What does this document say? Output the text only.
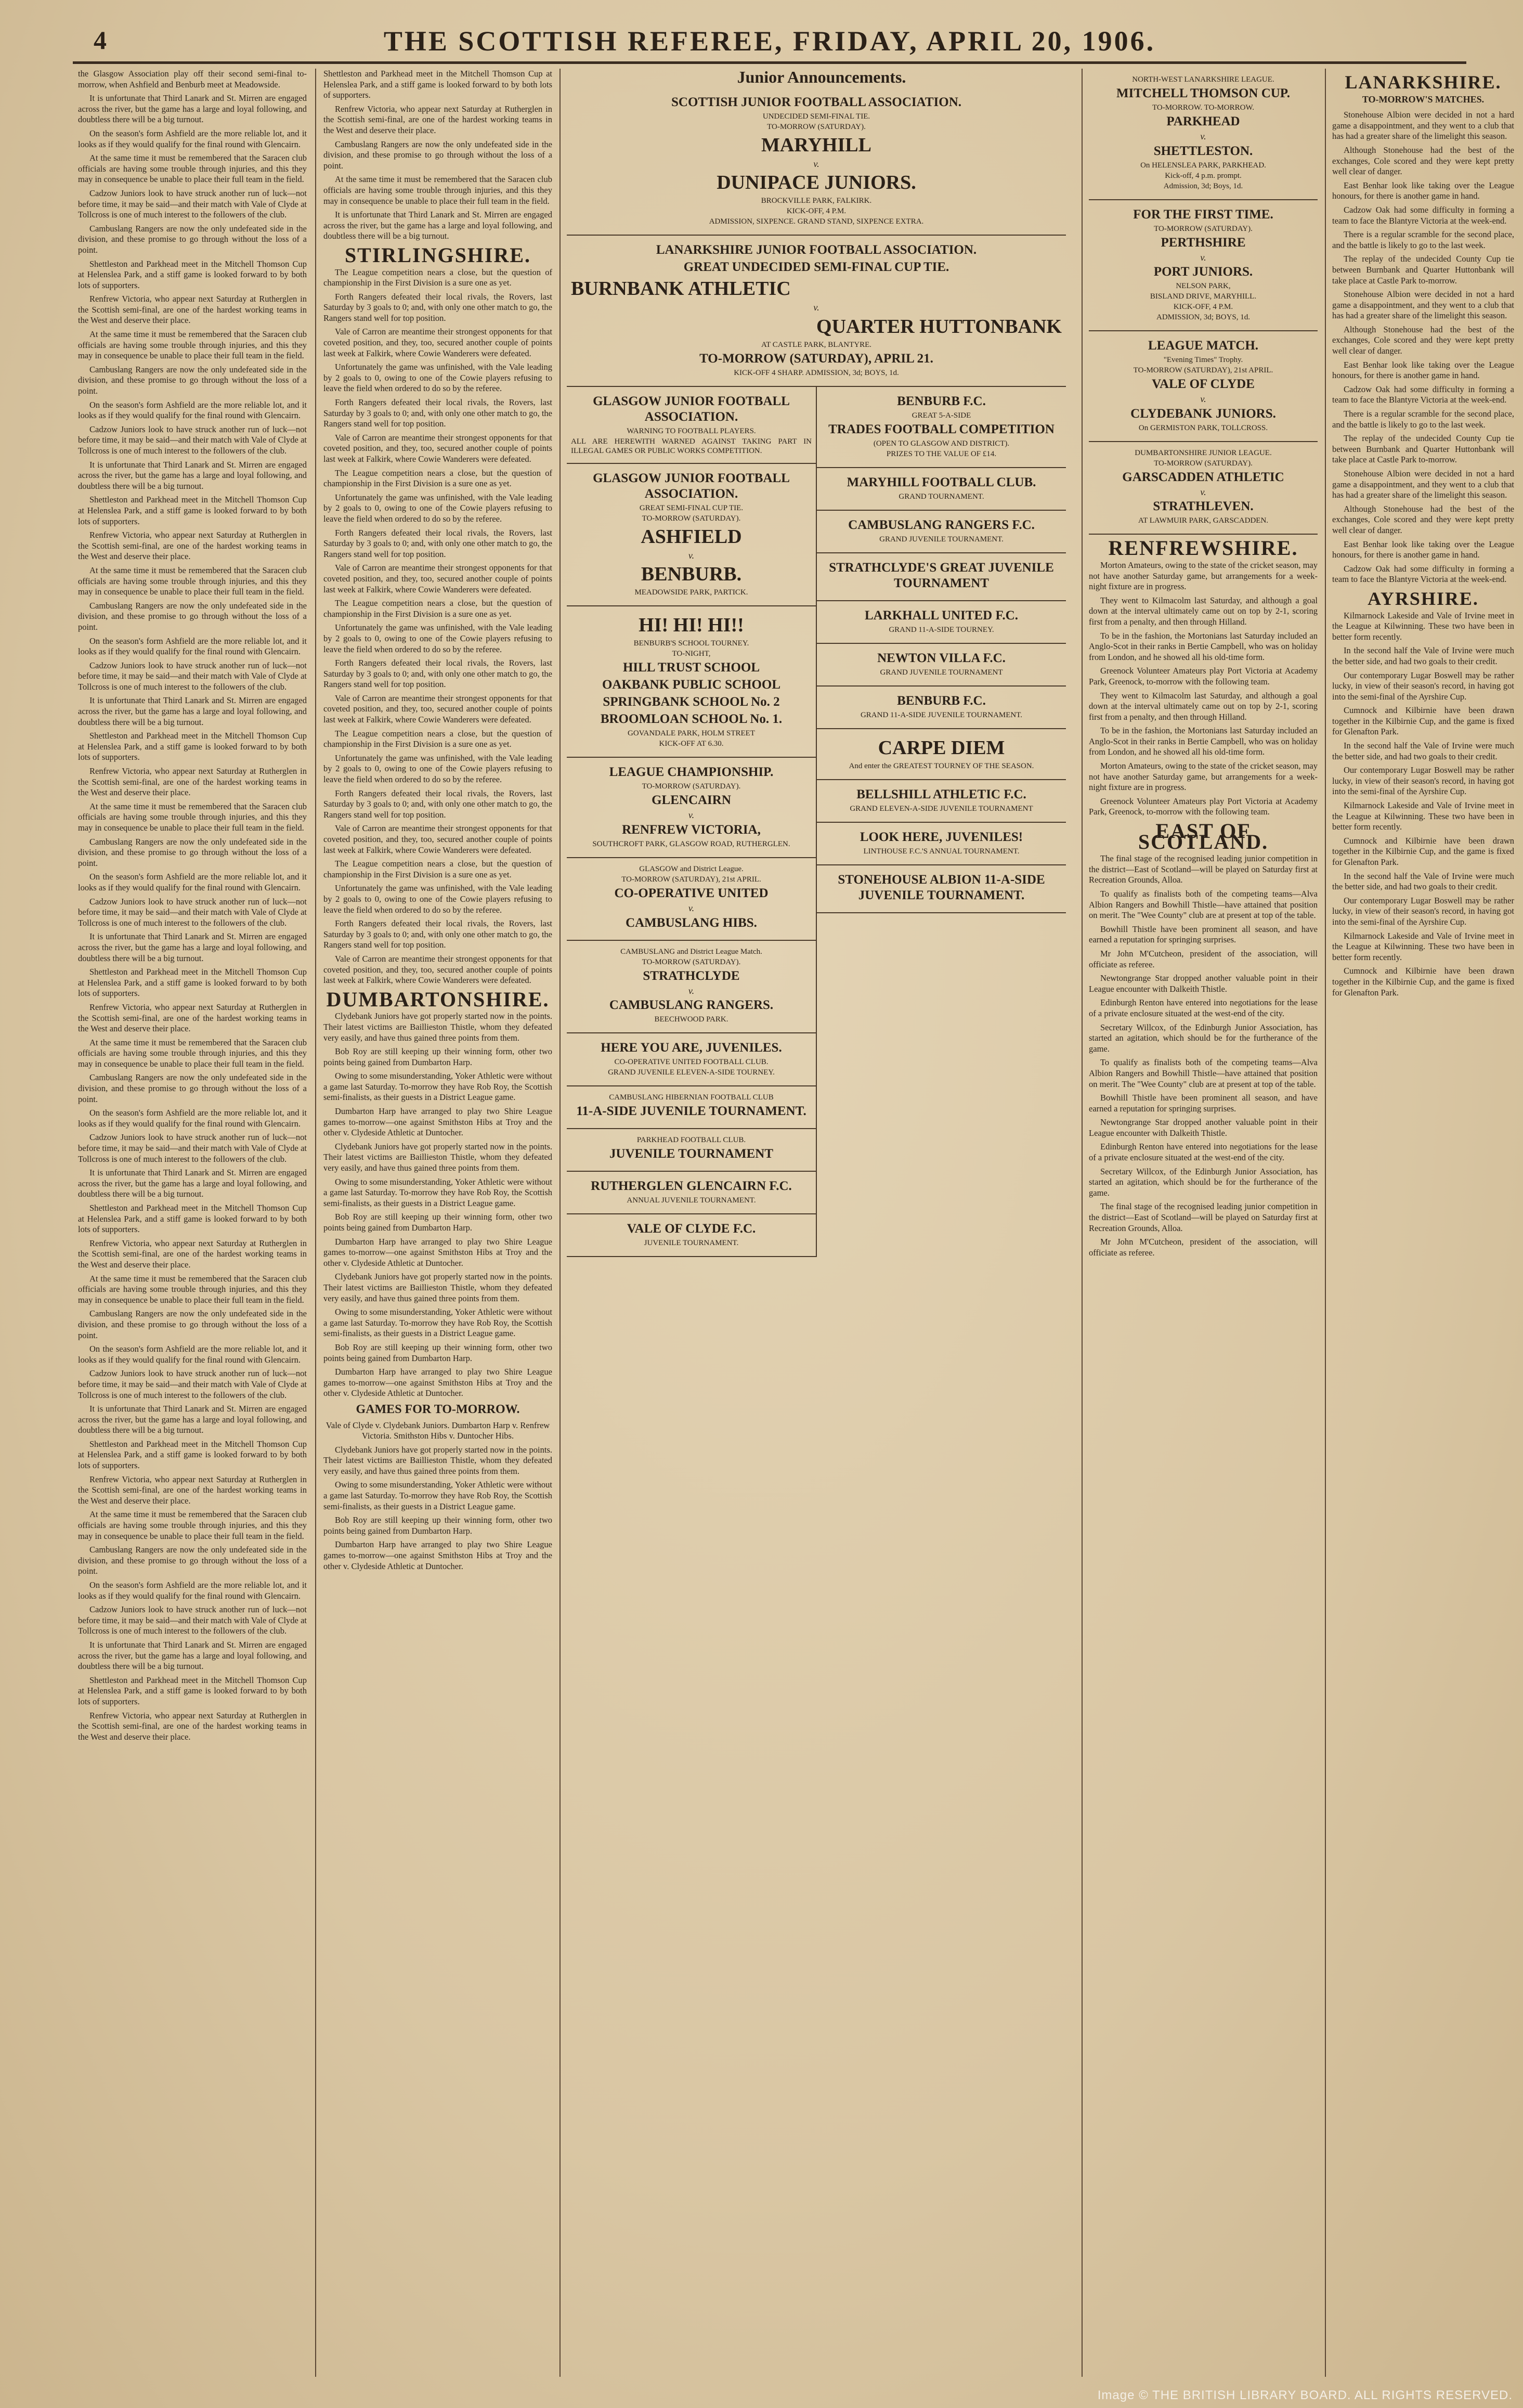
4	THE SCOTTISH REFEREE, FRIDAY, APRIL 20, 1906.

the Glasgow Association play off their second semi-final to-morrow, when Ashfield and Benburb meet at Meadowside.

It is unfortunate that Third Lanark and St. Mirren are engaged across the river, but the game has a large and loyal following, and doubtless there will be a big turnout.

On the season's form Ashfield are the more reliable lot, and it looks as if they would qualify for the final round with Glencairn.

At the same time it must be remembered that the Saracen club officials are having some trouble through injuries, and this they may in consequence be unable to place their full team in the field.

Cadzow Juniors look to have struck another run of luck—not before time, it may be said—and their match with Vale of Clyde at Tollcross is one of much interest to the followers of the club.

Cambuslang Rangers are now the only undefeated side in the division, and these promise to go through without the loss of a point.

Shettleston and Parkhead meet in the Mitchell Thomson Cup at Helenslea Park, and a stiff game is looked forward to by both lots of supporters.

Renfrew Victoria, who appear next Saturday at Rutherglen in the Scottish semi-final, are one of the hardest working teams in the West and deserve their place.

At the same time it must be remembered that the Saracen club officials are having some trouble through injuries, and this they may in consequence be unable to place their full team in the field.

Cambuslang Rangers are now the only undefeated side in the division, and these promise to go through without the loss of a point.

On the season's form Ashfield are the more reliable lot, and it looks as if they would qualify for the final round with Glencairn.

Cadzow Juniors look to have struck another run of luck—not before time, it may be said—and their match with Vale of Clyde at Tollcross is one of much interest to the followers of the club.

It is unfortunate that Third Lanark and St. Mirren are engaged across the river, but the game has a large and loyal following, and doubtless there will be a big turnout.

Shettleston and Parkhead meet in the Mitchell Thomson Cup at Helenslea Park, and a stiff game is looked forward to by both lots of supporters.

Renfrew Victoria, who appear next Saturday at Rutherglen in the Scottish semi-final, are one of the hardest working teams in the West and deserve their place.

At the same time it must be remembered that the Saracen club officials are having some trouble through injuries, and this they may in consequence be unable to place their full team in the field.

Cambuslang Rangers are now the only undefeated side in the division, and these promise to go through without the loss of a point.

On the season's form Ashfield are the more reliable lot, and it looks as if they would qualify for the final round with Glencairn.

Cadzow Juniors look to have struck another run of luck—not before time, it may be said—and their match with Vale of Clyde at Tollcross is one of much interest to the followers of the club.

It is unfortunate that Third Lanark and St. Mirren are engaged across the river, but the game has a large and loyal following, and doubtless there will be a big turnout.

Shettleston and Parkhead meet in the Mitchell Thomson Cup at Helenslea Park, and a stiff game is looked forward to by both lots of supporters.

Renfrew Victoria, who appear next Saturday at Rutherglen in the Scottish semi-final, are one of the hardest working teams in the West and deserve their place.

At the same time it must be remembered that the Saracen club officials are having some trouble through injuries, and this they may in consequence be unable to place their full team in the field.

Cambuslang Rangers are now the only undefeated side in the division, and these promise to go through without the loss of a point.

On the season's form Ashfield are the more reliable lot, and it looks as if they would qualify for the final round with Glencairn.

Cadzow Juniors look to have struck another run of luck—not before time, it may be said—and their match with Vale of Clyde at Tollcross is one of much interest to the followers of the club.

It is unfortunate that Third Lanark and St. Mirren are engaged across the river, but the game has a large and loyal following, and doubtless there will be a big turnout.

Shettleston and Parkhead meet in the Mitchell Thomson Cup at Helenslea Park, and a stiff game is looked forward to by both lots of supporters.

Renfrew Victoria, who appear next Saturday at Rutherglen in the Scottish semi-final, are one of the hardest working teams in the West and deserve their place.

At the same time it must be remembered that the Saracen club officials are having some trouble through injuries, and this they may in consequence be unable to place their full team in the field.

Cambuslang Rangers are now the only undefeated side in the division, and these promise to go through without the loss of a point.

On the season's form Ashfield are the more reliable lot, and it looks as if they would qualify for the final round with Glencairn.

Cadzow Juniors look to have struck another run of luck—not before time, it may be said—and their match with Vale of Clyde at Tollcross is one of much interest to the followers of the club.

It is unfortunate that Third Lanark and St. Mirren are engaged across the river, but the game has a large and loyal following, and doubtless there will be a big turnout.

Shettleston and Parkhead meet in the Mitchell Thomson Cup at Helenslea Park, and a stiff game is looked forward to by both lots of supporters.

Renfrew Victoria, who appear next Saturday at Rutherglen in the Scottish semi-final, are one of the hardest working teams in the West and deserve their place.

At the same time it must be remembered that the Saracen club officials are having some trouble through injuries, and this they may in consequence be unable to place their full team in the field.

Cambuslang Rangers are now the only undefeated side in the division, and these promise to go through without the loss of a point.

On the season's form Ashfield are the more reliable lot, and it looks as if they would qualify for the final round with Glencairn.

Cadzow Juniors look to have struck another run of luck—not before time, it may be said—and their match with Vale of Clyde at Tollcross is one of much interest to the followers of the club.

It is unfortunate that Third Lanark and St. Mirren are engaged across the river, but the game has a large and loyal following, and doubtless there will be a big turnout.

Shettleston and Parkhead meet in the Mitchell Thomson Cup at Helenslea Park, and a stiff game is looked forward to by both lots of supporters.

Renfrew Victoria, who appear next Saturday at Rutherglen in the Scottish semi-final, are one of the hardest working teams in the West and deserve their place.

At the same time it must be remembered that the Saracen club officials are having some trouble through injuries, and this they may in consequence be unable to place their full team in the field.

Cambuslang Rangers are now the only undefeated side in the division, and these promise to go through without the loss of a point.

On the season's form Ashfield are the more reliable lot, and it looks as if they would qualify for the final round with Glencairn.

Cadzow Juniors look to have struck another run of luck—not before time, it may be said—and their match with Vale of Clyde at Tollcross is one of much interest to the followers of the club.

It is unfortunate that Third Lanark and St. Mirren are engaged across the river, but the game has a large and loyal following, and doubtless there will be a big turnout.

Shettleston and Parkhead meet in the Mitchell Thomson Cup at Helenslea Park, and a stiff game is looked forward to by both lots of supporters.

Renfrew Victoria, who appear next Saturday at Rutherglen in the Scottish semi-final, are one of the hardest working teams in the West and deserve their place.

Shettleston and Parkhead meet in the Mitchell Thomson Cup at Helenslea Park, and a stiff game is looked forward to by both lots of supporters.

Renfrew Victoria, who appear next Saturday at Rutherglen in the Scottish semi-final, are one of the hardest working teams in the West and deserve their place.

Cambuslang Rangers are now the only undefeated side in the division, and these promise to go through without the loss of a point.

At the same time it must be remembered that the Saracen club officials are having some trouble through injuries, and this they may in consequence be unable to place their full team in the field.

It is unfortunate that Third Lanark and St. Mirren are engaged across the river, but the game has a large and loyal following, and doubtless there will be a big turnout.

STIRLINGSHIRE.

The League competition nears a close, but the question of championship in the First Division is a sure one as yet.

Forth Rangers defeated their local rivals, the Rovers, last Saturday by 3 goals to 0; and, with only one other match to go, the Rangers stand well for top position.

Vale of Carron are meantime their strongest opponents for that coveted position, and they, too, secured another couple of points last week at Falkirk, where Cowie Wanderers were defeated.

Unfortunately the game was unfinished, with the Vale leading by 2 goals to 0, owing to one of the Cowie players refusing to leave the field when ordered to do so by the referee.

Forth Rangers defeated their local rivals, the Rovers, last Saturday by 3 goals to 0; and, with only one other match to go, the Rangers stand well for top position.

Vale of Carron are meantime their strongest opponents for that coveted position, and they, too, secured another couple of points last week at Falkirk, where Cowie Wanderers were defeated.

The League competition nears a close, but the question of championship in the First Division is a sure one as yet.

Unfortunately the game was unfinished, with the Vale leading by 2 goals to 0, owing to one of the Cowie players refusing to leave the field when ordered to do so by the referee.

Forth Rangers defeated their local rivals, the Rovers, last Saturday by 3 goals to 0; and, with only one other match to go, the Rangers stand well for top position.

Vale of Carron are meantime their strongest opponents for that coveted position, and they, too, secured another couple of points last week at Falkirk, where Cowie Wanderers were defeated.

The League competition nears a close, but the question of championship in the First Division is a sure one as yet.

Unfortunately the game was unfinished, with the Vale leading by 2 goals to 0, owing to one of the Cowie players refusing to leave the field when ordered to do so by the referee.

Forth Rangers defeated their local rivals, the Rovers, last Saturday by 3 goals to 0; and, with only one other match to go, the Rangers stand well for top position.

Vale of Carron are meantime their strongest opponents for that coveted position, and they, too, secured another couple of points last week at Falkirk, where Cowie Wanderers were defeated.

The League competition nears a close, but the question of championship in the First Division is a sure one as yet.

Unfortunately the game was unfinished, with the Vale leading by 2 goals to 0, owing to one of the Cowie players refusing to leave the field when ordered to do so by the referee.

Forth Rangers defeated their local rivals, the Rovers, last Saturday by 3 goals to 0; and, with only one other match to go, the Rangers stand well for top position.

Vale of Carron are meantime their strongest opponents for that coveted position, and they, too, secured another couple of points last week at Falkirk, where Cowie Wanderers were defeated.

The League competition nears a close, but the question of championship in the First Division is a sure one as yet.

Unfortunately the game was unfinished, with the Vale leading by 2 goals to 0, owing to one of the Cowie players refusing to leave the field when ordered to do so by the referee.

Forth Rangers defeated their local rivals, the Rovers, last Saturday by 3 goals to 0; and, with only one other match to go, the Rangers stand well for top position.

Vale of Carron are meantime their strongest opponents for that coveted position, and they, too, secured another couple of points last week at Falkirk, where Cowie Wanderers were defeated.

DUMBARTONSHIRE.

Clydebank Juniors have got properly started now in the points. Their latest victims are Baillieston Thistle, whom they defeated very easily, and have thus gained three points from them.

Bob Roy are still keeping up their winning form, other two points being gained from Dumbarton Harp.

Owing to some misunderstanding, Yoker Athletic were without a game last Saturday. To-morrow they have Rob Roy, the Scottish semi-finalists, as their guests in a District League game.

Dumbarton Harp have arranged to play two Shire League games to-morrow—one against Smithston Hibs at Troy and the other v. Clydeside Athletic at Duntocher.

Clydebank Juniors have got properly started now in the points. Their latest victims are Baillieston Thistle, whom they defeated very easily, and have thus gained three points from them.

Owing to some misunderstanding, Yoker Athletic were without a game last Saturday. To-morrow they have Rob Roy, the Scottish semi-finalists, as their guests in a District League game.

Bob Roy are still keeping up their winning form, other two points being gained from Dumbarton Harp.

Dumbarton Harp have arranged to play two Shire League games to-morrow—one against Smithston Hibs at Troy and the other v. Clydeside Athletic at Duntocher.

Clydebank Juniors have got properly started now in the points. Their latest victims are Baillieston Thistle, whom they defeated very easily, and have thus gained three points from them.

Owing to some misunderstanding, Yoker Athletic were without a game last Saturday. To-morrow they have Rob Roy, the Scottish semi-finalists, as their guests in a District League game.

Bob Roy are still keeping up their winning form, other two points being gained from Dumbarton Harp.

Dumbarton Harp have arranged to play two Shire League games to-morrow—one against Smithston Hibs at Troy and the other v. Clydeside Athletic at Duntocher.

GAMES FOR TO-MORROW.

Vale of Clyde v. Clydebank Juniors. Dumbarton Harp v. Renfrew Victoria. Smithston Hibs v. Duntocher Hibs.

Clydebank Juniors have got properly started now in the points. Their latest victims are Baillieston Thistle, whom they defeated very easily, and have thus gained three points from them.

Owing to some misunderstanding, Yoker Athletic were without a game last Saturday. To-morrow they have Rob Roy, the Scottish semi-finalists, as their guests in a District League game.

Bob Roy are still keeping up their winning form, other two points being gained from Dumbarton Harp.

Dumbarton Harp have arranged to play two Shire League games to-morrow—one against Smithston Hibs at Troy and the other v. Clydeside Athletic at Duntocher.

Junior Announcements.
SCOTTISH JUNIOR FOOTBALL ASSOCIATION.
UNDECIDED SEMI-FINAL TIE.
TO-MORROW (SATURDAY).
MARYHILL
v.
DUNIPACE JUNIORS.
BROCKVILLE PARK, FALKIRK.
KICK-OFF, 4 P.M.
ADMISSION, SIXPENCE. GRAND STAND, SIXPENCE EXTRA.
LANARKSHIRE JUNIOR FOOTBALL ASSOCIATION.
GREAT UNDECIDED SEMI-FINAL CUP TIE.
BURNBANK ATHLETIC
v.
QUARTER HUTTONBANK
AT CASTLE PARK, BLANTYRE.
TO-MORROW (SATURDAY), APRIL 21.
KICK-OFF 4 SHARP. ADMISSION, 3d; BOYS, 1d.
GLASGOW JUNIOR FOOTBALL ASSOCIATION.
WARNING TO FOOTBALL PLAYERS.
ALL ARE HEREWITH WARNED AGAINST TAKING PART IN ILLEGAL GAMES OR PUBLIC WORKS COMPETITION.
GLASGOW JUNIOR FOOTBALL ASSOCIATION.
GREAT SEMI-FINAL CUP TIE.
TO-MORROW (SATURDAY).
ASHFIELD
v.
BENBURB.
MEADOWSIDE PARK, PARTICK.
HI! HI! HI!!
BENBURB'S SCHOOL TOURNEY.
TO-NIGHT,
HILL TRUST SCHOOL
OAKBANK PUBLIC SCHOOL
SPRINGBANK SCHOOL No. 2
BROOMLOAN SCHOOL No. 1.
GOVANDALE PARK, HOLM STREET
KICK-OFF AT 6.30.
LEAGUE CHAMPIONSHIP.
TO-MORROW (SATURDAY).
GLENCAIRN
v.
RENFREW VICTORIA,
SOUTHCROFT PARK, GLASGOW ROAD, RUTHERGLEN.
GLASGOW and District League.
TO-MORROW (SATURDAY), 21st APRIL.
CO-OPERATIVE UNITED
v.
CAMBUSLANG HIBS.
CAMBUSLANG and District League Match.
TO-MORROW (SATURDAY).
STRATHCLYDE
v.
CAMBUSLANG RANGERS.
BEECHWOOD PARK.
HERE YOU ARE, JUVENILES.
CO-OPERATIVE UNITED FOOTBALL CLUB.
GRAND JUVENILE ELEVEN-A-SIDE TOURNEY.
CAMBUSLANG HIBERNIAN FOOTBALL CLUB
11-A-SIDE JUVENILE TOURNAMENT.
PARKHEAD FOOTBALL CLUB.
JUVENILE TOURNAMENT
RUTHERGLEN GLENCAIRN F.C.
ANNUAL JUVENILE TOURNAMENT.
VALE OF CLYDE F.C.
JUVENILE TOURNAMENT.
BENBURB F.C.
GREAT 5-A-SIDE
TRADES FOOTBALL COMPETITION
(OPEN TO GLASGOW AND DISTRICT).
PRIZES TO THE VALUE OF £14.
MARYHILL FOOTBALL CLUB.
GRAND TOURNAMENT.
CAMBUSLANG RANGERS F.C.
GRAND JUVENILE TOURNAMENT.
STRATHCLYDE'S GREAT JUVENILE TOURNAMENT
LARKHALL UNITED F.C.
GRAND 11-A-SIDE TOURNEY.
NEWTON VILLA F.C.
GRAND JUVENILE TOURNAMENT
BENBURB F.C.
GRAND 11-A-SIDE JUVENILE TOURNAMENT.
CARPE DIEM
And enter the GREATEST TOURNEY OF THE SEASON.
BELLSHILL ATHLETIC F.C.
GRAND ELEVEN-A-SIDE JUVENILE TOURNAMENT
LOOK HERE, JUVENILES!
LINTHOUSE F.C.'S ANNUAL TOURNAMENT.
STONEHOUSE ALBION 11-A-SIDE JUVENILE TOURNAMENT.
NORTH-WEST LANARKSHIRE LEAGUE.
MITCHELL THOMSON CUP.
TO-MORROW. TO-MORROW.
PARKHEAD
v.
SHETTLESTON.
On HELENSLEA PARK, PARKHEAD.
Kick-off, 4 p.m. prompt.
Admission, 3d; Boys, 1d.
FOR THE FIRST TIME.
TO-MORROW (SATURDAY).
PERTHSHIRE
v.
PORT JUNIORS.
NELSON PARK,
BISLAND DRIVE, MARYHILL.
KICK-OFF, 4 P.M.
ADMISSION, 3d; BOYS, 1d.
LEAGUE MATCH.
"Evening Times" Trophy.
TO-MORROW (SATURDAY), 21st APRIL.
VALE OF CLYDE
v.
CLYDEBANK JUNIORS.
On GERMISTON PARK, TOLLCROSS.
DUMBARTONSHIRE JUNIOR LEAGUE.
TO-MORROW (SATURDAY).
GARSCADDEN ATHLETIC
v.
STRATHLEVEN.
AT LAWMUIR PARK, GARSCADDEN.
RENFREWSHIRE.

Morton Amateurs, owing to the state of the cricket season, may not have another Saturday game, but arrangements for a week-night fixture are in progress.

They went to Kilmacolm last Saturday, and although a goal down at the interval ultimately came out on top by 2-1, scoring first from a penalty, and then through Hilland.

To be in the fashion, the Mortonians last Saturday included an Anglo-Scot in their ranks in Bertie Campbell, who was on holiday from London, and he showed all his old-time form.

Greenock Volunteer Amateurs play Port Victoria at Academy Park, Greenock, to-morrow with the following team.

They went to Kilmacolm last Saturday, and although a goal down at the interval ultimately came out on top by 2-1, scoring first from a penalty, and then through Hilland.

To be in the fashion, the Mortonians last Saturday included an Anglo-Scot in their ranks in Bertie Campbell, who was on holiday from London, and he showed all his old-time form.

Morton Amateurs, owing to the state of the cricket season, may not have another Saturday game, but arrangements for a week-night fixture are in progress.

Greenock Volunteer Amateurs play Port Victoria at Academy Park, Greenock, to-morrow with the following team.

EAST OF SCOTLAND.

The final stage of the recognised leading junior competition in the district—East of Scotland—will be played on Saturday first at Recreation Grounds, Alloa.

To qualify as finalists both of the competing teams—Alva Albion Rangers and Bowhill Thistle—have attained that position on merit. The "Wee County" club are at present at top of the table.

Bowhill Thistle have been prominent all season, and have earned a reputation for springing surprises.

Mr John M'Cutcheon, president of the association, will officiate as referee.

Newtongrange Star dropped another valuable point in their League encounter with Dalkeith Thistle.

Edinburgh Renton have entered into negotiations for the lease of a private enclosure situated at the west-end of the city.

Secretary Willcox, of the Edinburgh Junior Association, has started an agitation, which should be for the furtherance of the game.

To qualify as finalists both of the competing teams—Alva Albion Rangers and Bowhill Thistle—have attained that position on merit. The "Wee County" club are at present at top of the table.

Bowhill Thistle have been prominent all season, and have earned a reputation for springing surprises.

Newtongrange Star dropped another valuable point in their League encounter with Dalkeith Thistle.

Edinburgh Renton have entered into negotiations for the lease of a private enclosure situated at the west-end of the city.

Secretary Willcox, of the Edinburgh Junior Association, has started an agitation, which should be for the furtherance of the game.

The final stage of the recognised leading junior competition in the district—East of Scotland—will be played on Saturday first at Recreation Grounds, Alloa.

Mr John M'Cutcheon, president of the association, will officiate as referee.

LANARKSHIRE.
TO-MORROW'S MATCHES.

Stonehouse Albion were decided in not a hard game a disappointment, and they went to a club that has had a greater share of the limelight this season.

Although Stonehouse had the best of the exchanges, Cole scored and they were kept pretty well clear of danger.

East Benhar look like taking over the League honours, for there is another game in hand.

Cadzow Oak had some difficulty in forming a team to face the Blantyre Victoria at the week-end.

There is a regular scramble for the second place, and the battle is likely to go to the last week.

The replay of the undecided County Cup tie between Burnbank and Quarter Huttonbank will take place at Castle Park to-morrow.

Stonehouse Albion were decided in not a hard game a disappointment, and they went to a club that has had a greater share of the limelight this season.

Although Stonehouse had the best of the exchanges, Cole scored and they were kept pretty well clear of danger.

East Benhar look like taking over the League honours, for there is another game in hand.

Cadzow Oak had some difficulty in forming a team to face the Blantyre Victoria at the week-end.

There is a regular scramble for the second place, and the battle is likely to go to the last week.

The replay of the undecided County Cup tie between Burnbank and Quarter Huttonbank will take place at Castle Park to-morrow.

Stonehouse Albion were decided in not a hard game a disappointment, and they went to a club that has had a greater share of the limelight this season.

Although Stonehouse had the best of the exchanges, Cole scored and they were kept pretty well clear of danger.

East Benhar look like taking over the League honours, for there is another game in hand.

Cadzow Oak had some difficulty in forming a team to face the Blantyre Victoria at the week-end.

AYRSHIRE.

Kilmarnock Lakeside and Vale of Irvine meet in the League at Kilwinning. These two have been in better form recently.

In the second half the Vale of Irvine were much the better side, and had two goals to their credit.

Our contemporary Lugar Boswell may be rather lucky, in view of their season's record, in having got into the semi-final of the Ayrshire Cup.

Cumnock and Kilbirnie have been drawn together in the Kilbirnie Cup, and the game is fixed for Glenafton Park.

In the second half the Vale of Irvine were much the better side, and had two goals to their credit.

Our contemporary Lugar Boswell may be rather lucky, in view of their season's record, in having got into the semi-final of the Ayrshire Cup.

Kilmarnock Lakeside and Vale of Irvine meet in the League at Kilwinning. These two have been in better form recently.

Cumnock and Kilbirnie have been drawn together in the Kilbirnie Cup, and the game is fixed for Glenafton Park.

In the second half the Vale of Irvine were much the better side, and had two goals to their credit.

Our contemporary Lugar Boswell may be rather lucky, in view of their season's record, in having got into the semi-final of the Ayrshire Cup.

Kilmarnock Lakeside and Vale of Irvine meet in the League at Kilwinning. These two have been in better form recently.

Cumnock and Kilbirnie have been drawn together in the Kilbirnie Cup, and the game is fixed for Glenafton Park.

Image © THE BRITISH LIBRARY BOARD. ALL RIGHTS RESERVED.
